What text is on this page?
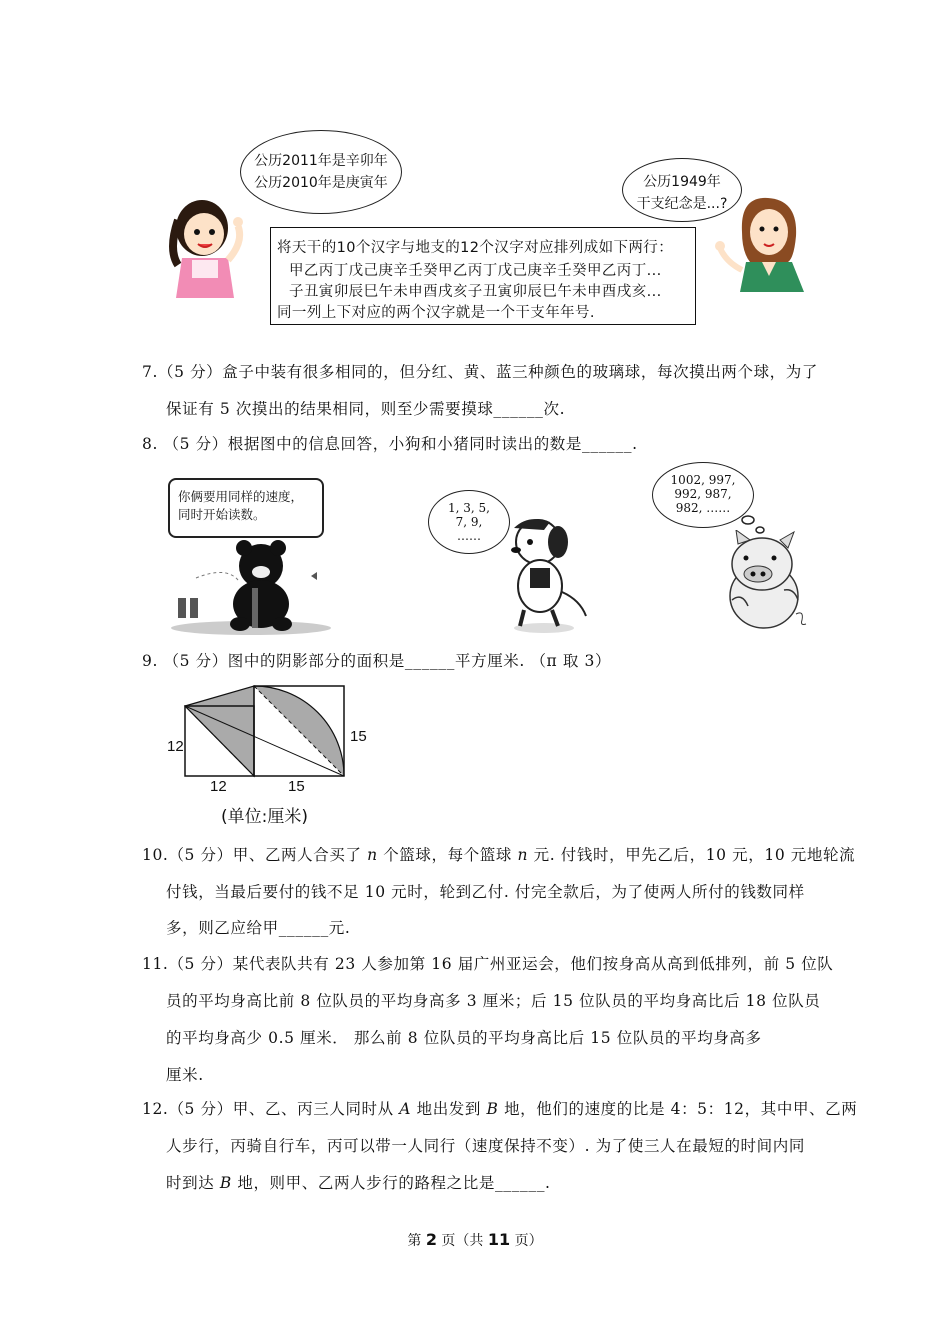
公历2011年是辛卯年
公历2010年是庚寅年	公历1949年
干支纪念是...?
将天干的10个汉字与地支的12个汉字对应排列成如下两行：
甲乙丙丁戊己庚辛壬癸甲乙丙丁戊己庚辛壬癸甲乙丙丁...
子丑寅卯辰巳午未申酉戌亥子丑寅卯辰巳午未申酉戌亥...
同一列上下对应的两个汉字就是一个干支年年号.
7.（5 分）盒子中装有很多相同的，但分红、黄、蓝三种颜色的玻璃球，每次摸出两个球，为了
保证有 5 次摸出的结果相同，则至少需要摸球______次.
8. （5 分）根据图中的信息回答，小狗和小猪同时读出的数是______.
你俩要用同样的速度，
同时开始读数。	1, 3, 5,
7, 9,
……
1002, 997,
992, 987,
982, ……
9. （5 分）图中的阴影部分的面积是______平方厘米. （π 取 3）
12
12	15
15
(单位:厘米)
10.（5 分）甲、乙两人合买了 n 个篮球，每个篮球 n 元. 付钱时，甲先乙后，10 元，10 元地轮流
付钱，当最后要付的钱不足 10 元时，轮到乙付. 付完全款后，为了使两人所付的钱数同样
多，则乙应给甲______元.
11.（5 分）某代表队共有 23 人参加第 16 届广州亚运会，他们按身高从高到低排列，前 5 位队
员的平均身高比前 8 位队员的平均身高多 3 厘米；后 15 位队员的平均身高比后 18 位队员
的平均身高少 0.5 厘米． 那么前 8 位队员的平均身高比后 15 位队员的平均身高多
厘米.
12.（5 分）甲、乙、丙三人同时从 A 地出发到 B 地，他们的速度的比是 4：5：12，其中甲、乙两
人步行，丙骑自行车，丙可以带一人同行（速度保持不变）. 为了使三人在最短的时间内同
时到达 B 地，则甲、乙两人步行的路程之比是______.
第 2 页（共 11 页）
